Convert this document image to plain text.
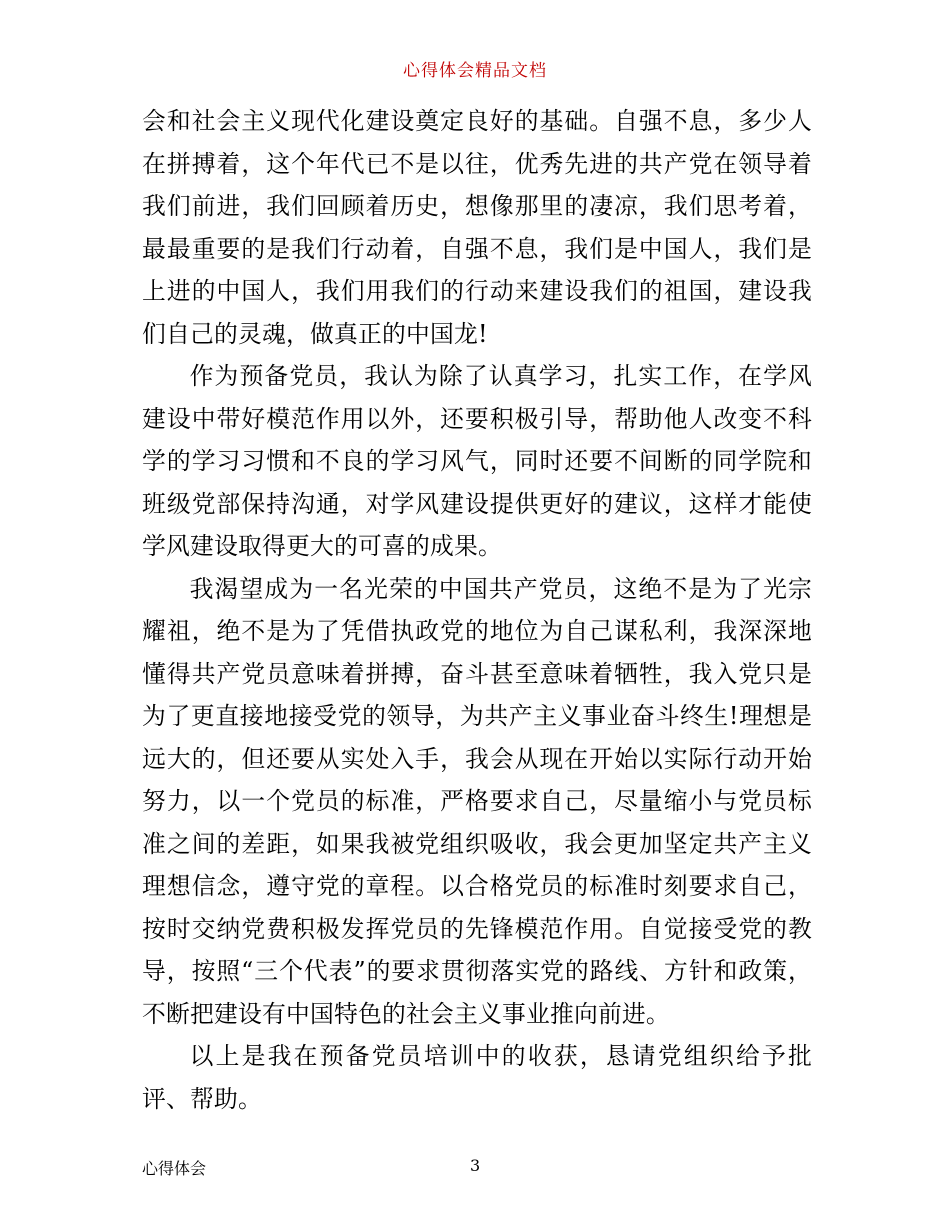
心得体会精品文档

会和社会主义现代化建设奠定良好的基础。自强不息，多少人在拼搏着，这个年代已不是以往，优秀先进的共产党在领导着我们前进，我们回顾着历史，想像那里的凄凉，我们思考着，最最重要的是我们行动着，自强不息，我们是中国人，我们是上进的中国人，我们用我们的行动来建设我们的祖国，建设我们自己的灵魂，做真正的中国龙!

作为预备党员，我认为除了认真学习，扎实工作，在学风建设中带好模范作用以外，还要积极引导，帮助他人改变不科学的学习习惯和不良的学习风气，同时还要不间断的同学院和班级党部保持沟通，对学风建设提供更好的建议，这样才能使学风建设取得更大的可喜的成果。

我渴望成为一名光荣的中国共产党员，这绝不是为了光宗耀祖，绝不是为了凭借执政党的地位为自己谋私利，我深深地懂得共产党员意味着拼搏，奋斗甚至意味着牺牲，我入党只是为了更直接地接受党的领导，为共产主义事业奋斗终生!理想是远大的，但还要从实处入手，我会从现在开始以实际行动开始努力，以一个党员的标准，严格要求自己，尽量缩小与党员标准之间的差距，如果我被党组织吸收，我会更加坚定共产主义理想信念，遵守党的章程。以合格党员的标准时刻要求自己，按时交纳党费积极发挥党员的先锋模范作用。自觉接受党的教导，按照“三个代表”的要求贯彻落实党的路线、方针和政策，不断把建设有中国特色的社会主义事业推向前进。

以上是我在预备党员培训中的收获，恳请党组织给予批评、帮助。

心得体会	3
